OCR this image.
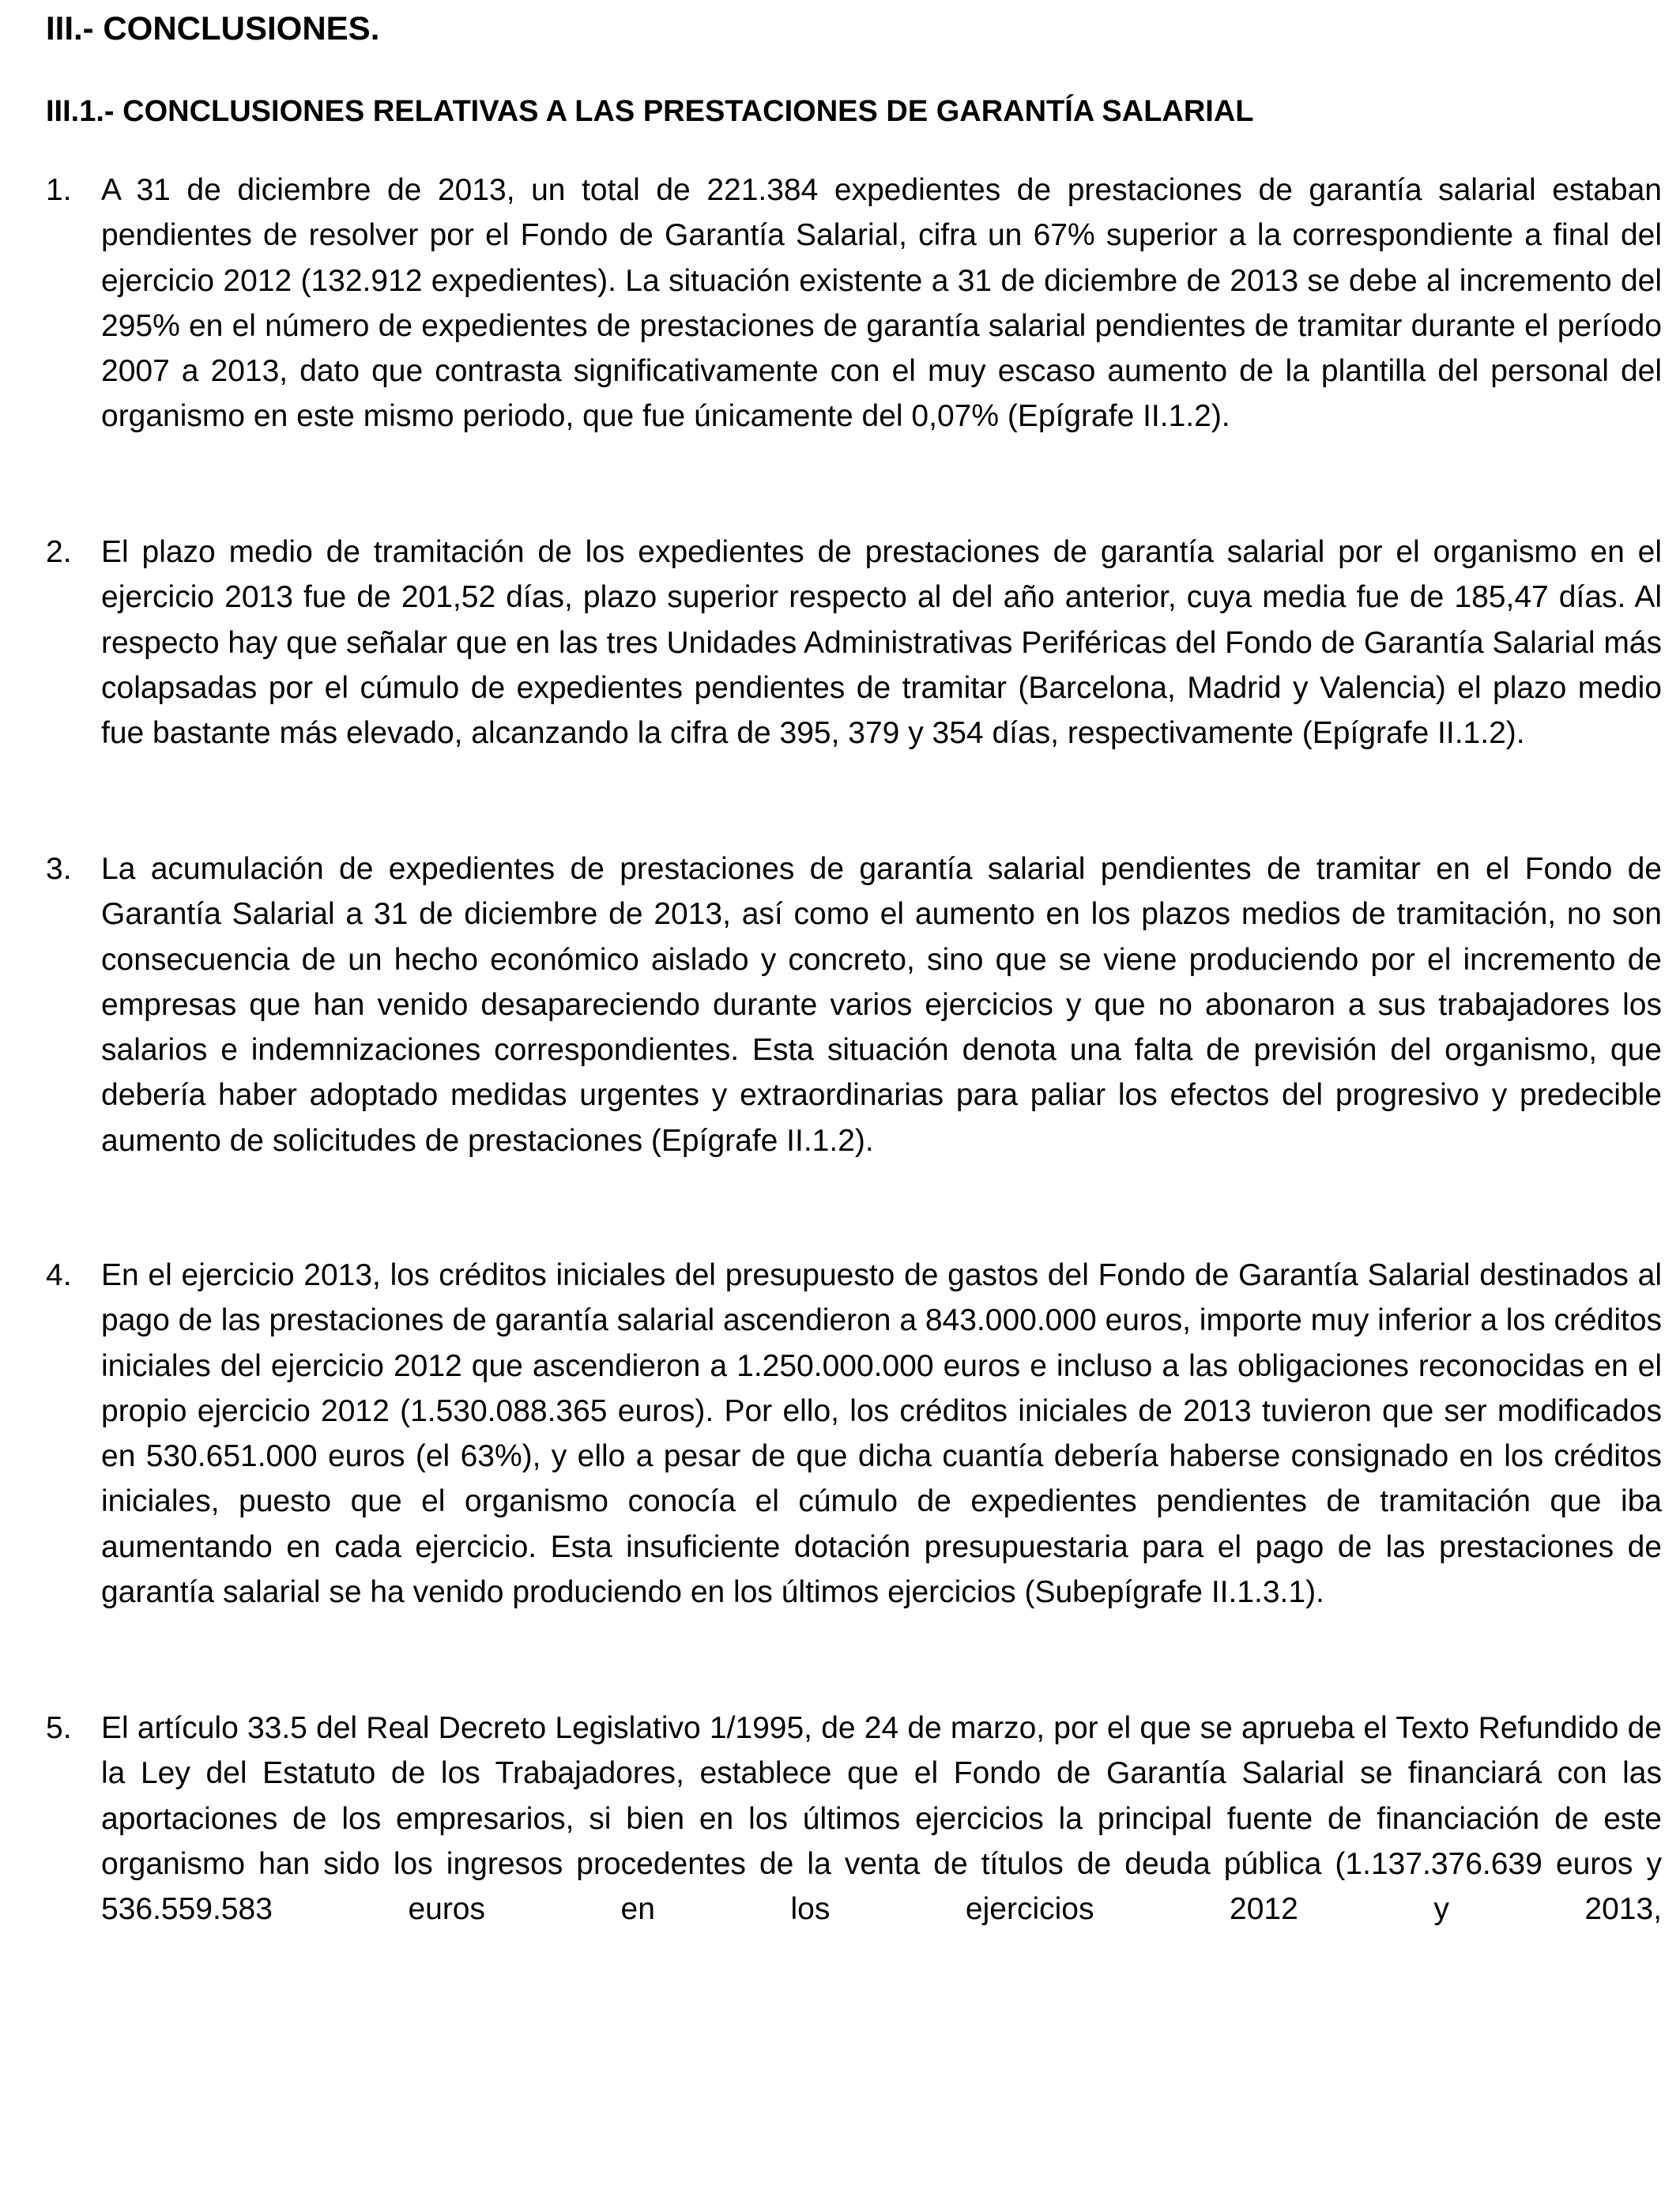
III.- CONCLUSIONES.
III.1.- CONCLUSIONES RELATIVAS A LAS PRESTACIONES DE GARANTÍA SALARIAL
1. A 31 de diciembre de 2013, un total de 221.384 expedientes de prestaciones de garantía salarial estaban pendientes de resolver por el Fondo de Garantía Salarial, cifra un 67% superior a la correspondiente a final del ejercicio 2012 (132.912 expedientes). La situación existente a 31 de diciembre de 2013 se debe al incremento del 295% en el número de expedientes de prestaciones de garantía salarial pendientes de tramitar durante el período 2007 a 2013, dato que contrasta significativamente con el muy escaso aumento de la plantilla del personal del organismo en este mismo periodo, que fue únicamente del 0,07% (Epígrafe II.1.2).

2. El plazo medio de tramitación de los expedientes de prestaciones de garantía salarial por el organismo en el ejercicio 2013 fue de 201,52 días, plazo superior respecto al del año anterior, cuya media fue de 185,47 días. Al respecto hay que señalar que en las tres Unidades Administrativas Periféricas del Fondo de Garantía Salarial más colapsadas por el cúmulo de expedientes pendientes de tramitar (Barcelona, Madrid y Valencia) el plazo medio fue bastante más elevado, alcanzando la cifra de 395, 379 y 354 días, respectivamente (Epígrafe II.1.2).

3. La acumulación de expedientes de prestaciones de garantía salarial pendientes de tramitar en el Fondo de Garantía Salarial a 31 de diciembre de 2013, así como el aumento en los plazos medios de tramitación, no son consecuencia de un hecho económico aislado y concreto, sino que se viene produciendo por el incremento de empresas que han venido desapareciendo durante varios ejercicios y que no abonaron a sus trabajadores los salarios e indemnizaciones correspondientes. Esta situación denota una falta de previsión del organismo, que debería haber adoptado medidas urgentes y extraordinarias para paliar los efectos del progresivo y predecible aumento de solicitudes de prestaciones (Epígrafe II.1.2).

4. En el ejercicio 2013, los créditos iniciales del presupuesto de gastos del Fondo de Garantía Salarial destinados al pago de las prestaciones de garantía salarial ascendieron a 843.000.000 euros, importe muy inferior a los créditos iniciales del ejercicio 2012 que ascendieron a 1.250.000.000 euros e incluso a las obligaciones reconocidas en el propio ejercicio 2012 (1.530.088.365 euros). Por ello, los créditos iniciales de 2013 tuvieron que ser modificados en 530.651.000 euros (el 63%), y ello a pesar de que dicha cuantía debería haberse consignado en los créditos iniciales, puesto que el organismo conocía el cúmulo de expedientes pendientes de tramitación que iba aumentando en cada ejercicio. Esta insuficiente dotación presupuestaria para el pago de las prestaciones de garantía salarial se ha venido produciendo en los últimos ejercicios (Subepígrafe II.1.3.1).

5. El artículo 33.5 del Real Decreto Legislativo 1/1995, de 24 de marzo, por el que se aprueba el Texto Refundido de la Ley del Estatuto de los Trabajadores, establece que el Fondo de Garantía Salarial se financiará con las aportaciones de los empresarios, si bien en los últimos ejercicios la principal fuente de financiación de este organismo han sido los ingresos procedentes de la venta de títulos de deuda pública (1.137.376.639 euros y 536.559.583 euros en los ejercicios 2012 y 2013,
